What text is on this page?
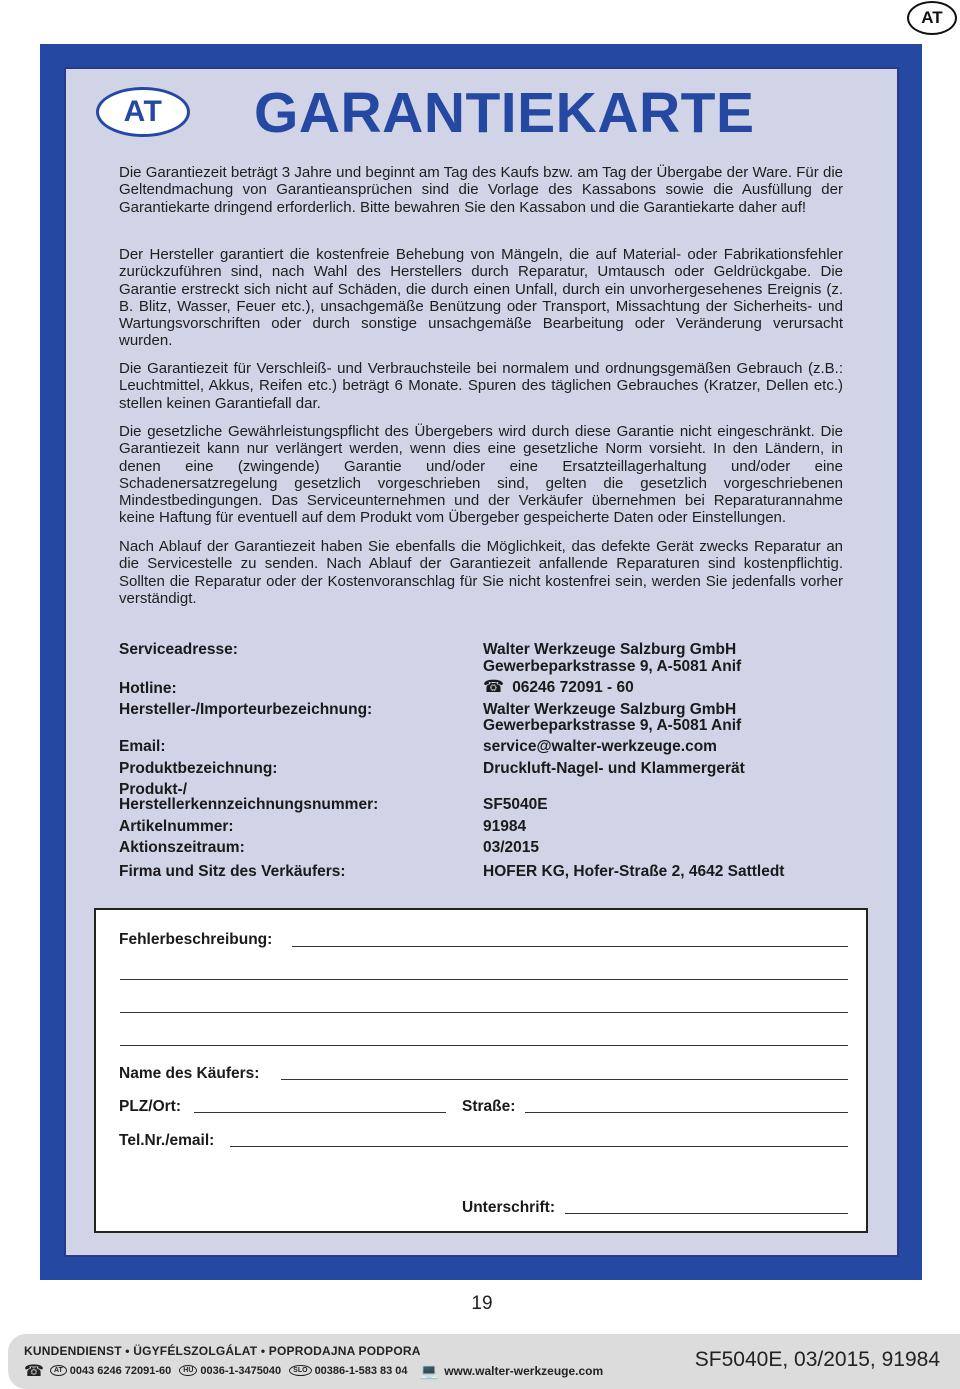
AT
AT GARANTIEKARTE

Die Garantiezeit beträgt 3 Jahre und beginnt am Tag des Kaufs bzw. am Tag der Übergabe der Ware. Für die Geltendmachung von Garantieansprüchen sind die Vorlage des Kassabons sowie die Ausfüllung der Garantiekarte dringend erforderlich. Bitte bewahren Sie den Kassabon und die Garantiekarte daher auf!

Der Hersteller garantiert die kostenfreie Behebung von Mängeln, die auf Material- oder Fabrikationsfehler zurückzuführen sind, nach Wahl des Herstellers durch Reparatur, Umtausch oder Geldrückgabe. Die Garantie erstreckt sich nicht auf Schäden, die durch einen Unfall, durch ein unvorhergesehenes Ereignis (z. B. Blitz, Wasser, Feuer etc.), unsachgemäße Benützung oder Transport, Missachtung der Sicherheits- und Wartungsvorschriften oder durch sonstige unsachgemäße Bearbeitung oder Veränderung verursacht wurden.

Die Garantiezeit für Verschleiß- und Verbrauchsteile bei normalem und ordnungsgemäßen Gebrauch (z.B.: Leuchtmittel, Akkus, Reifen etc.) beträgt 6 Monate. Spuren des täglichen Gebrauches (Kratzer, Dellen etc.) stellen keinen Garantiefall dar.

Die gesetzliche Gewährleistungspflicht des Übergebers wird durch diese Garantie nicht eingeschränkt. Die Garantiezeit kann nur verlängert werden, wenn dies eine gesetzliche Norm vorsieht. In den Ländern, in denen eine (zwingende) Garantie und/oder eine Ersatzteillagerhaltung und/oder eine Schadenersatzregelung gesetzlich vorgeschrieben sind, gelten die gesetzlich vorgeschriebenen Mindestbedingungen. Das Serviceunternehmen und der Verkäufer übernehmen bei Reparaturannahme keine Haftung für eventuell auf dem Produkt vom Übergeber gespeicherte Daten oder Einstellungen.

Nach Ablauf der Garantiezeit haben Sie ebenfalls die Möglichkeit, das defekte Gerät zwecks Reparatur an die Servicestelle zu senden. Nach Ablauf der Garantiezeit anfallende Reparaturen sind kostenpflichtig. Sollten die Reparatur oder der Kostenvoranschlag für Sie nicht kostenfrei sein, werden Sie jedenfalls vorher verständigt.

Serviceadresse:	Walter Werkzeuge Salzburg GmbH
Gewerbeparkstrasse 9, A-5081 Anif
Hotline:	☎ 06246 72091 - 60
Hersteller-/Importeurbezeichnung:	Walter Werkzeuge Salzburg GmbH
Gewerbeparkstrasse 9, A-5081 Anif
Email:	service@walter-werkzeuge.com
Produktbezeichnung:	Druckluft-Nagel- und Klammergerät
Produkt-/
Herstellerkennzeichnungsnummer:	SF5040E
Artikelnummer:	91984
Aktionszeitraum:	03/2015
Firma und Sitz des Verkäufers:	HOFER KG, Hofer-Straße 2, 4642 Sattledt
Fehlerbeschreibung:
Name des Käufers:
PLZ/Ort:	Straße:
Tel.Nr./email:
Unterschrift:
19
KUNDENDIENST • ÜGYFÉLSZOLGÁLAT • POPRODAJNA PODPORA
☎	AT 0043 6246 72091-60	HU 0036-1-3475040	SLO 00386-1-583 83 04 💻 www.walter-werkzeuge.com	SF5040E, 03/2015, 91984
